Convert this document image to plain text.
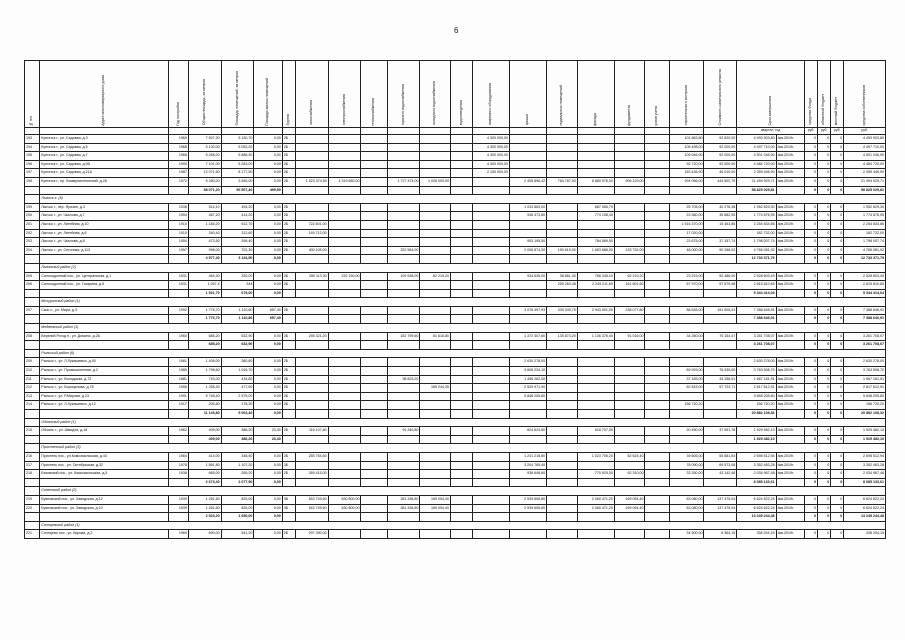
6
№ п/п	Адрес многоквартирного дома	Год постройки	Общая площадь, кв.метров	Площадь помещений, кв.метров	Площадь жилых помещений	Группа	газоснабжения	электроснабжения	теплоснабжения	горячего водоснабжения	холодного водоснабжения	водоотведения	лифтового оборудования	крыши	подвальных помещений	фасада	фундамента	узлов учета	строительного контроля	Стоимость капитального ремонта	Срок завершения		средства Фонда	областной бюджет	местный бюджет	средства собственников
																					квартал, год		руб.	руб.	руб.	руб.
193	Кунгатск г., ул. Садовая, д.3	1969	7 507,20	5 130,70	0,00	2Б							4 300 000,00						101 663,80	92 520,00	4 493 903,80	4кв.2019г.	0	0	0	4 493 903,80
194	Кунгатск г., ул. Садовая, д.5	1968	5 130,00	5 052,20	0,00	2Б							4 300 000,00						105 498,00	92 000,00	4 497 710,00	4кв.2019г.	0	0	0	4 497 710,00
195	Кунгатск г., ул. Садовая, д.7	1968	5 268,00	5 688,40	0,00	2Б							4 300 000,00						109 046,90	92 000,00	4 501 046,90	4кв.2019г.	0	0	0	4 501 046,90
196	Кунгатск г., ул. Садовая, д.9А	1990	7 101,00	5 283,00	0,00	2Б							4 300 000,00						92 720,00	92 000,00	4 484 720,00	4кв.2019г.	0	0	0	4 484 720,00
197	Кунгатск г., ул. Садовая, д.21А	1987	12 071,60	8 177,50	0,00	2Б							2 150 000,00						163 436,90	46 010,00	2 359 446,90	4кв.2019г.	0	0	0	2 359 446,90
198	Кунгатск г., пр. Коммунистический, д.28	1972	5 280,00	3 645,00	0,00	2Б	1 523 374,50	4 319 680,00		1 727 474,00	1 026 000,00			2 405 896,42	784 787,00	6 880 976,00	906 129,00		294 056,00	444 502,79	21 494 929,71	4кв.2019г.	0	0	0	21 494 929,71
			58 071,20	50 507,40	499,50																58 825 029,81		0	0	0	58 825 029,81
	Лыгоск г. (8)																									
199	Лыгоск г., пер. Фрязин, д.3	1938	514,10	494,20	0,00	2Б								1 034 863,00		687 065,79			25 705,00	40 276,38	1 952 829,30	4кв.2019г.	0	0	0	1 952 829,30
200	Лыгоск г., ул. Чкалова, д.7	1954	467,20	414,20	0,00	2Б								946 473,80		774 158,40			23 360,00	35 682,95	1 774 676,95	4кв.2019г.	0	0	0	1 774 676,95
201	Лыгоск г., ул. Литейная, д.10	1910	1 184,20	612,70	0,00	2Б	722 601,00												1 516 370,00	15 463,86	2 254 834,86	4кв.2019г.	0	0	0	2 254 834,86
202	Лыгоск г., ул. Литейная, д.6	1910	340,40	312,60	0,00	2Б	149 712,00												17 020,00		182 732,00	4кв.2019г.	0	0	0	182 732,00
203	Лыгоск г., ул. Чкалова, д.8	1954	473,50	398,40	0,00	2Б								953 195,50		784 589,50			23 675,00	37 157,74	1 798 007,74	4кв.2019г.	0	0	0	1 798 007,74
204	Лыгоск г., ул. Сетоника, д.113	1957	998,00	702,30	0,00	2Б	400 105,00			222 584,00				2 006 874,00	190 619,00	1 653 666,00	133 732,00		48 000,00	90 268,02	4 765 081,92	4кв.2019г.	0	0	0	4 765 081,92
			4 977,40	3 134,50	0,00																12 733 371,79		0	0	0	12 733 371,79
	Лыговский район (2)																									
205	Сильнодонный пос., ул. Центральная, д.1	1931	464,30	330,00	0,00	2Б	280 113,30	232 150,00		109 538,00	62 215,20			934 635,00	38 661,30	768 345,10	62 219,20		23 215,00	52 486,00	2 528 603,49	4кв.2019г.	0	0	0	2 528 603,49
206	Сильнодонный пос., ул. Гагарина, д.5	1931	1 057,4	344	0,00	2Б									259 263,48	2 249 211,60	161 801,60		67 970,00	57 579,48	2 815 810,65	4кв.2019г.	0	0	0	2 815 810,65
			1 521,70	679,00	0,00																5 344 414,04		0	0	0	5 344 414,04
	Мичуринский район (1)																									
207	Скис с., ул. Мира, д.3	1992	1 776,70	1 110,80	657,40	2Б								3 076 497,93	339 349,75	2 943 901,00	238 077,80		88 635,00	151 905,41	7 388 646,91	4кв.2019г.	0	0	0	7 388 646,91
			1 776,70	1 110,80	657,40																7 388 646,91		0	0	0	7 388 646,91
	Медвежский район (1)																									
208	Верхний Рогод п., ул. Домино, д.26	1960	685,20	632,90	0,00	2Б	295 321,20			152 799,60	81 616,80			1 372 307,60	135 873,20	1 136 376,40	91 016,00		34 260,00	70 154,47	3 261 708,07	4кв.2019г.	0	0	0	3 261 708,07
			685,20	632,90	0,00																3 261 708,07		0	0	0	3 261 708,07
	Рыльский район (6)																									
209	Рыльск г., ул. Л.Лукашевых, д.90	1961	1 406,00	380,80	0,00	2Б								2 630 278,00							2 630 278,00	4кв.2019г.	0	0	0	2 630 278,00
210	Рыльск г., ул. Промышленная, д.2	1985	1 798,60	1 016,70	0,00	2Б								3 606 234,10					89 929,00	76 935,00	3 763 508,70	4кв.2019г.	0	0	0	3 763 508,70
211	Рыльск г., ул. Володская, д.72	1881	743,00	434,80	0,00	2Б				98 603,20				1 496 262,00					37 165,00	34 158,91	1 667 181,91	4кв.2019г.	0	0	0	1 667 181,91
212	Рыльск г., ул. Бороценова, д.78	1956	1 258,30	477,50	0,00	2Б					169 244,35			2 529 971,90					62 815,00	57 723,71	2 817 612,91	4кв.2019г.	0	0	0	2 817 612,91
213	Рыльск г., ул. Р.Мирова, д.23	1991	5 748,40	2 575,00	0,00	2Б								9 848 205,80							9 848 205,80	4кв.2019г.	0	0	0	9 848 205,80
214	Рыльск г., ул. Л.Лукашевых, д.12	1917	205,80	178,30	0,00	2Б													156 720,20		156 720,20	4кв.2019г.	0	0	0	156 720,20
			11 143,80	5 063,40	0,00																20 882 108,32		0	0	0	20 882 108,32
	Обоянский район (1)																									
215	Обоянь г., ул. Шмидта, д.18	1962	409,00	386,20	23,40	2Б	116 107,80			91 340,80				824 624,80		618 707,30			20 450,00	37 951,76	1 929 482,10	4кв.2019г.	0	0	0	1 929 482,10
			409,00	386,20	23,40																1 929 482,10		0	0	0	1 929 482,10
	Пристенский район (3)																									
216	Пристень пос., ул.Комсомольская, д.44	1964	414,00	348,40	0,00	2Б	255 754,60							1 241 215,80		1 023 706,20	82 624,40		39 606,00	55 681,54	2 698 512,94	4кв.2019г.	0	0	0	2 698 512,94
217	Пристень пос., ул. Октябрьская, д.32	1978	1 561,80	1 107,20	0,00	3Б								3 204 765,40					78 090,00	69 573,08	3 352 463,28	4кв.2019г.	0	0	0	3 352 463,28
218	Бековский пос., ул. Комсомольская, д.5	1938	665,00	265,20	0,00	2Б	269 415,00							938 646,60		770 925,00	62 310,00		33 250,00	43 142,46	2 034 967,48	4кв.2019г.	0	0	0	2 034 967,48
			2 673,40	2 077,90	0,00																8 085 133,61		0	0	0	8 085 133,61
	Советский район (2)																									
219	Буяновский пос., ул. Заводская, д.12	1939	1 261,60	825,00	0,00	3Б	543 749,60	630 800,00		281 336,80	169 054,40			2 539 606,80		2 060 471,20	169 054,40		63 080,00	137 475,04	6 624 622,24	4кв.2019г.	0	0	0	6 624 622,24
220	Буяновский пос., ул. Заводская, д.10	1939	1 261,60	825,00	0,00	3Б	543 749,60	630 800,00		281 336,80	169 054,40			2 539 606,80		2 060 471,20	169 054,40		63 080,00	137 475,04	6 624 622,24	4кв.2019г.	0	0	0	6 624 622,24
			2 523,20	1 650,00	0,00																13 249 244,48		0	0	0	13 249 244,48
	Солнцевский район (1)																									
221	Солнцево пос., ул. Кирова, д.2	1969	690,00	541,20	0,00	2Б	297 390,00												34 500,00	6 364,15	338 254,15	4кв.2019г.	0	0	0	338 254,15
